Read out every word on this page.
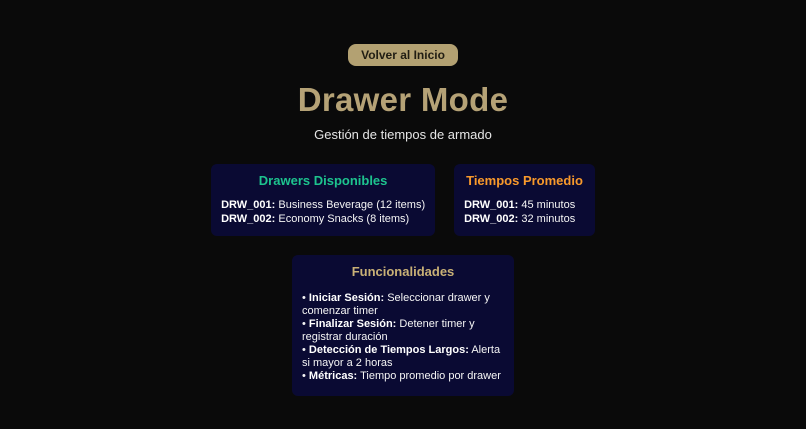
Volver al Inicio
Drawer Mode

Gestión de tiempos de armado

Drawers Disponibles

DRW_001: Business Beverage (12 items)

DRW_002: Economy Snacks (8 items)

Tiempos Promedio

DRW_001: 45 minutos

DRW_002: 32 minutos

Funcionalidades

• Iniciar Sesión: Seleccionar drawer y comenzar timer

• Finalizar Sesión: Detener timer y registrar duración

• Detección de Tiempos Largos: Alerta si mayor a 2 horas

• Métricas: Tiempo promedio por drawer
